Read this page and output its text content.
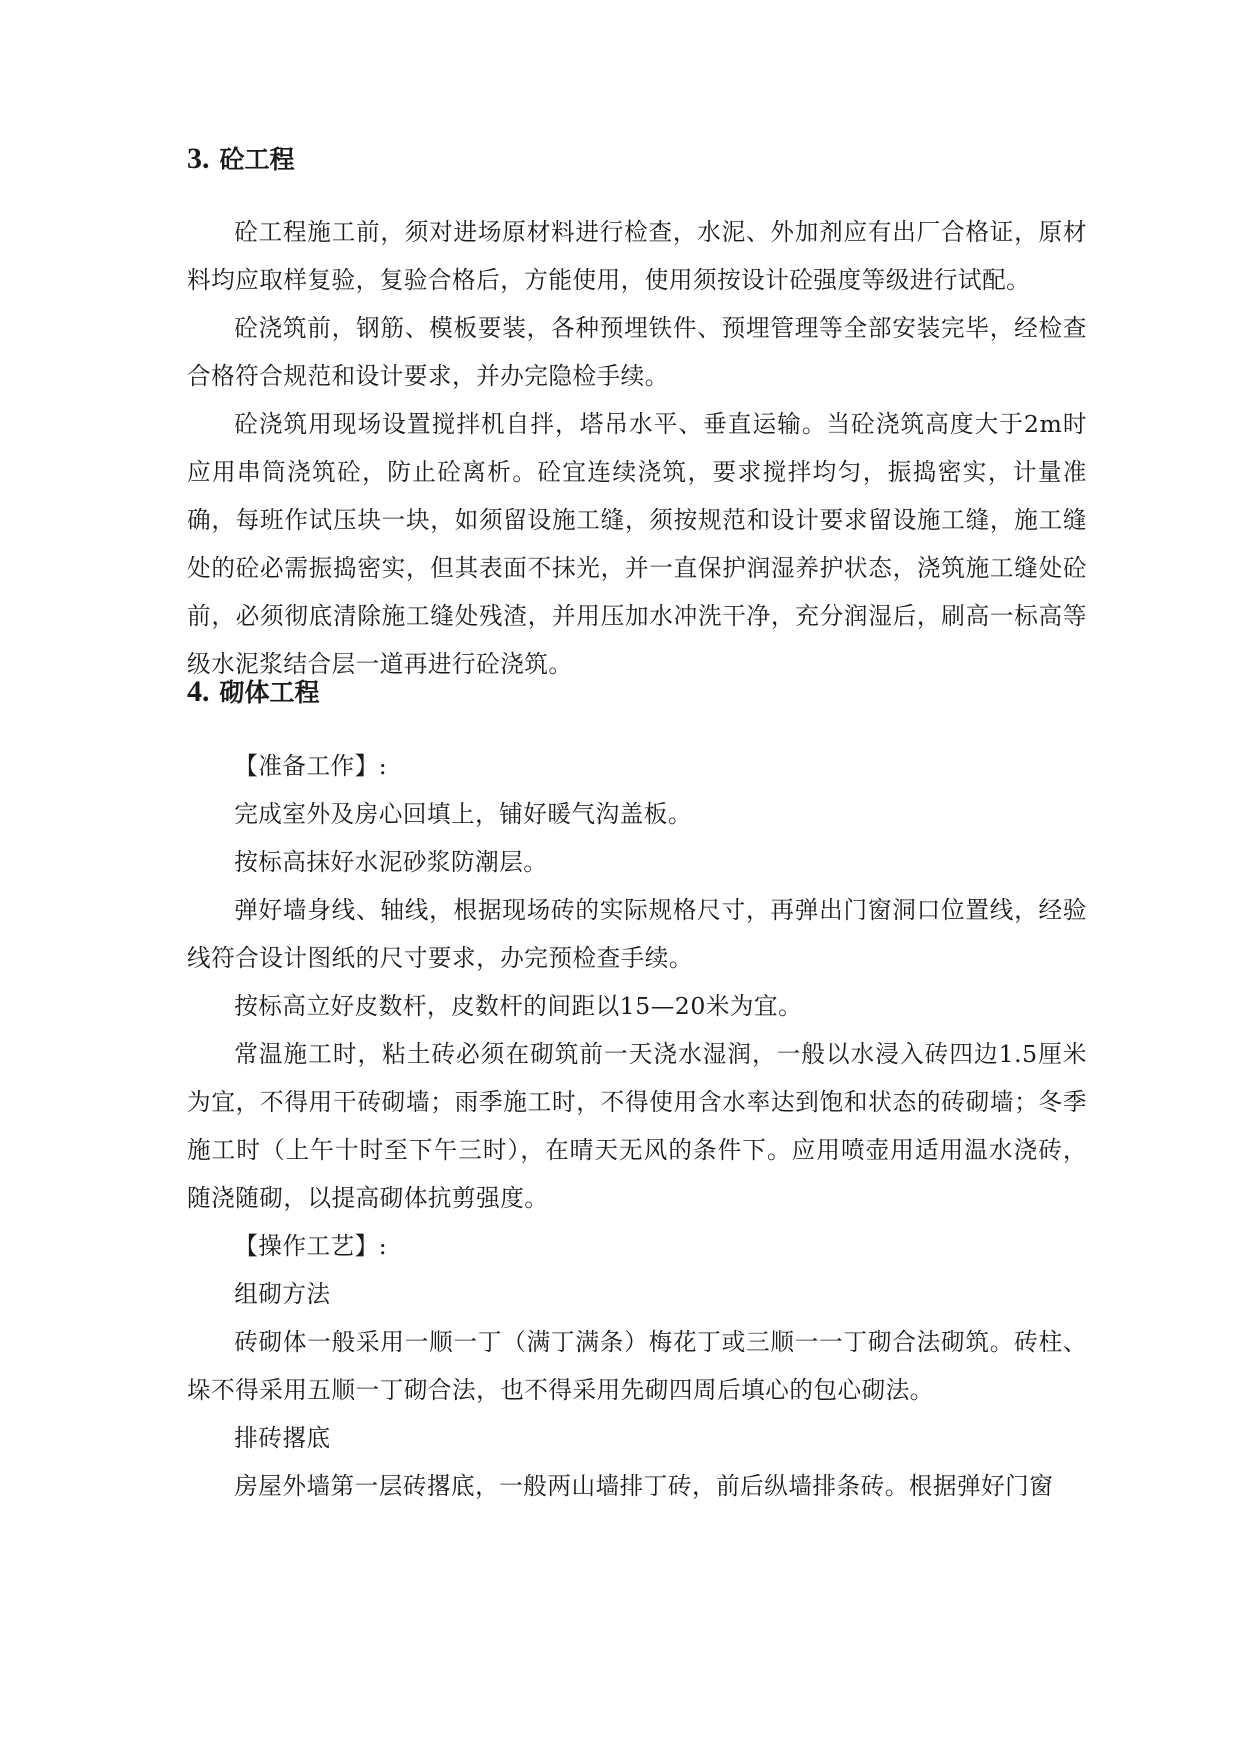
3. 砼工程

砼工程施工前，须对进场原材料进行检查，水泥、外加剂应有出厂合格证，原材料均应取样复验，复验合格后，方能使用，使用须按设计砼强度等级进行试配。

砼浇筑前，钢筋、模板要装，各种预埋铁件、预埋管理等全部安装完毕，经检查合格符合规范和设计要求，并办完隐检手续。

砼浇筑用现场设置搅拌机自拌，塔吊水平、垂直运输。当砼浇筑高度大于2m时应用串筒浇筑砼，防止砼离析。砼宜连续浇筑，要求搅拌均匀，振捣密实，计量准确，每班作试压块一块，如须留设施工缝，须按规范和设计要求留设施工缝，施工缝处的砼必需振捣密实，但其表面不抹光，并一直保护润湿养护状态，浇筑施工缝处砼前，必须彻底清除施工缝处残渣，并用压加水冲洗干净，充分润湿后，刷高一标高等级水泥浆结合层一道再进行砼浇筑。

4. 砌体工程

【准备工作】:

完成室外及房心回填上，铺好暖气沟盖板。

按标高抹好水泥砂浆防潮层。

弹好墙身线、轴线，根据现场砖的实际规格尺寸，再弹出门窗洞口位置线，经验线符合设计图纸的尺寸要求，办完预检查手续。

按标高立好皮数杆，皮数杆的间距以15—20米为宜。

常温施工时，粘土砖必须在砌筑前一天浇水湿润，一般以水浸入砖四边1.5厘米为宜，不得用干砖砌墙；雨季施工时，不得使用含水率达到饱和状态的砖砌墙；冬季施工时（上午十时至下午三时），在晴天无风的条件下。应用喷壶用适用温水浇砖，随浇随砌，以提高砌体抗剪强度。

【操作工艺】:

组砌方法

砖砌体一般采用一顺一丁（满丁满条）梅花丁或三顺一一丁砌合法砌筑。砖柱、垛不得采用五顺一丁砌合法，也不得采用先砌四周后填心的包心砌法。

排砖撂底

房屋外墙第一层砖撂底，一般两山墙排丁砖，前后纵墙排条砖。根据弹好门窗
